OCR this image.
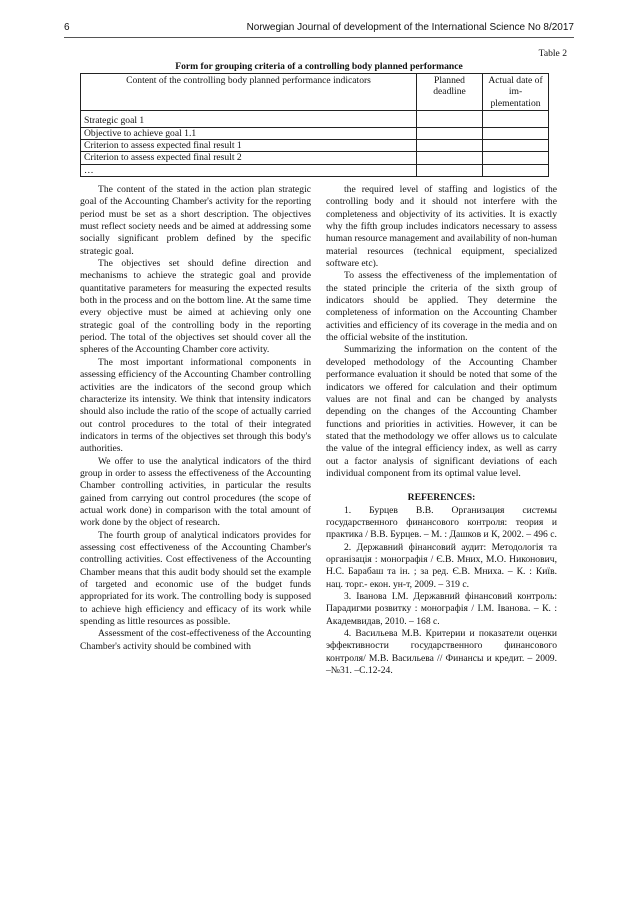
6	Norwegian Journal of development of the International Science No 8/2017
Table 2
Form for grouping criteria of a controlling body planned performance
Content of the controlling body planned performance indicators	Planned deadline	Actual date of im-plementation
Strategic goal 1		
Objective to achieve goal 1.1		
Criterion to assess expected final result 1		
Criterion to assess expected final result 2		
…		

The content of the stated in the action plan strategic goal of the Accounting Chamber's activity for the reporting period must be set as a short description. The objectives must reflect society needs and be aimed at addressing some socially significant problem defined by the specific strategic goal.

The objectives set should define direction and mechanisms to achieve the strategic goal and provide quantitative parameters for measuring the expected results both in the process and on the bottom line. At the same time every objective must be aimed at achieving only one strategic goal of the controlling body in the reporting period. The total of the objectives set should cover all the spheres of the Accounting Chamber core activity.

The most important informational components in assessing efficiency of the Accounting Chamber controlling activities are the indicators of the second group which characterize its intensity. We think that intensity indicators should also include the ratio of the scope of actually carried out control procedures to the total of their integrated indicators in terms of the objectives set through this body's authorities.

We offer to use the analytical indicators of the third group in order to assess the effectiveness of the Accounting Chamber controlling activities, in particular the results gained from carrying out control procedures (the scope of actual work done) in comparison with the total amount of work done by the object of research.

The fourth group of analytical indicators provides for assessing cost effectiveness of the Accounting Chamber's controlling activities. Cost effectiveness of the Accounting Chamber means that this audit body should set the example of targeted and economic use of the budget funds appropriated for its work. The controlling body is supposed to achieve high efficiency and efficacy of its work while spending as little resources as possible.

Assessment of the cost-effectiveness of the Accounting Chamber's activity should be combined with

the required level of staffing and logistics of the controlling body and it should not interfere with the completeness and objectivity of its activities. It is exactly why the fifth group includes indicators necessary to assess human resource management and availability of non-human material resources (technical equipment, specialized software etc).

To assess the effectiveness of the implementation of the stated principle the criteria of the sixth group of indicators should be applied. They determine the completeness of information on the Accounting Chamber activities and efficiency of its coverage in the media and on the official website of the institution.

Summarizing the information on the content of the developed methodology of the Accounting Chamber performance evaluation it should be noted that some of the indicators we offered for calculation and their optimum values are not final and can be changed by analysts depending on the changes of the Accounting Chamber functions and priorities in activities. However, it can be stated that the methodology we offer allows us to calculate the value of the integral efficiency index, as well as carry out a factor analysis of significant deviations of each individual component from its optimal value level.

REFERENCES:

1. Бурцев В.В. Организация системы государственного финансового контроля: теория и практика / В.В. Бурцев. – М. : Дашков и К, 2002. – 496 с.

2. Державний фінансовий аудит: Методологія та організація : монографія / Є.В. Мних, М.О. Никонович, Н.С. Барабаш та ін. ; за ред. Є.В. Мниха. – К. : Київ. нац. торг.- екон. ун-т, 2009. – 319 с.

3. Іванова І.М. Державний фінансовий контроль: Парадигми розвитку : монографія / І.М. Іванова. – К. : Академвидав, 2010. – 168 с.

4. Васильева М.В. Критерии и показатели оценки эффективности государственного финансового контроля/ М.В. Васильева // Финансы и кредит. – 2009. –№31. –С.12-24.
